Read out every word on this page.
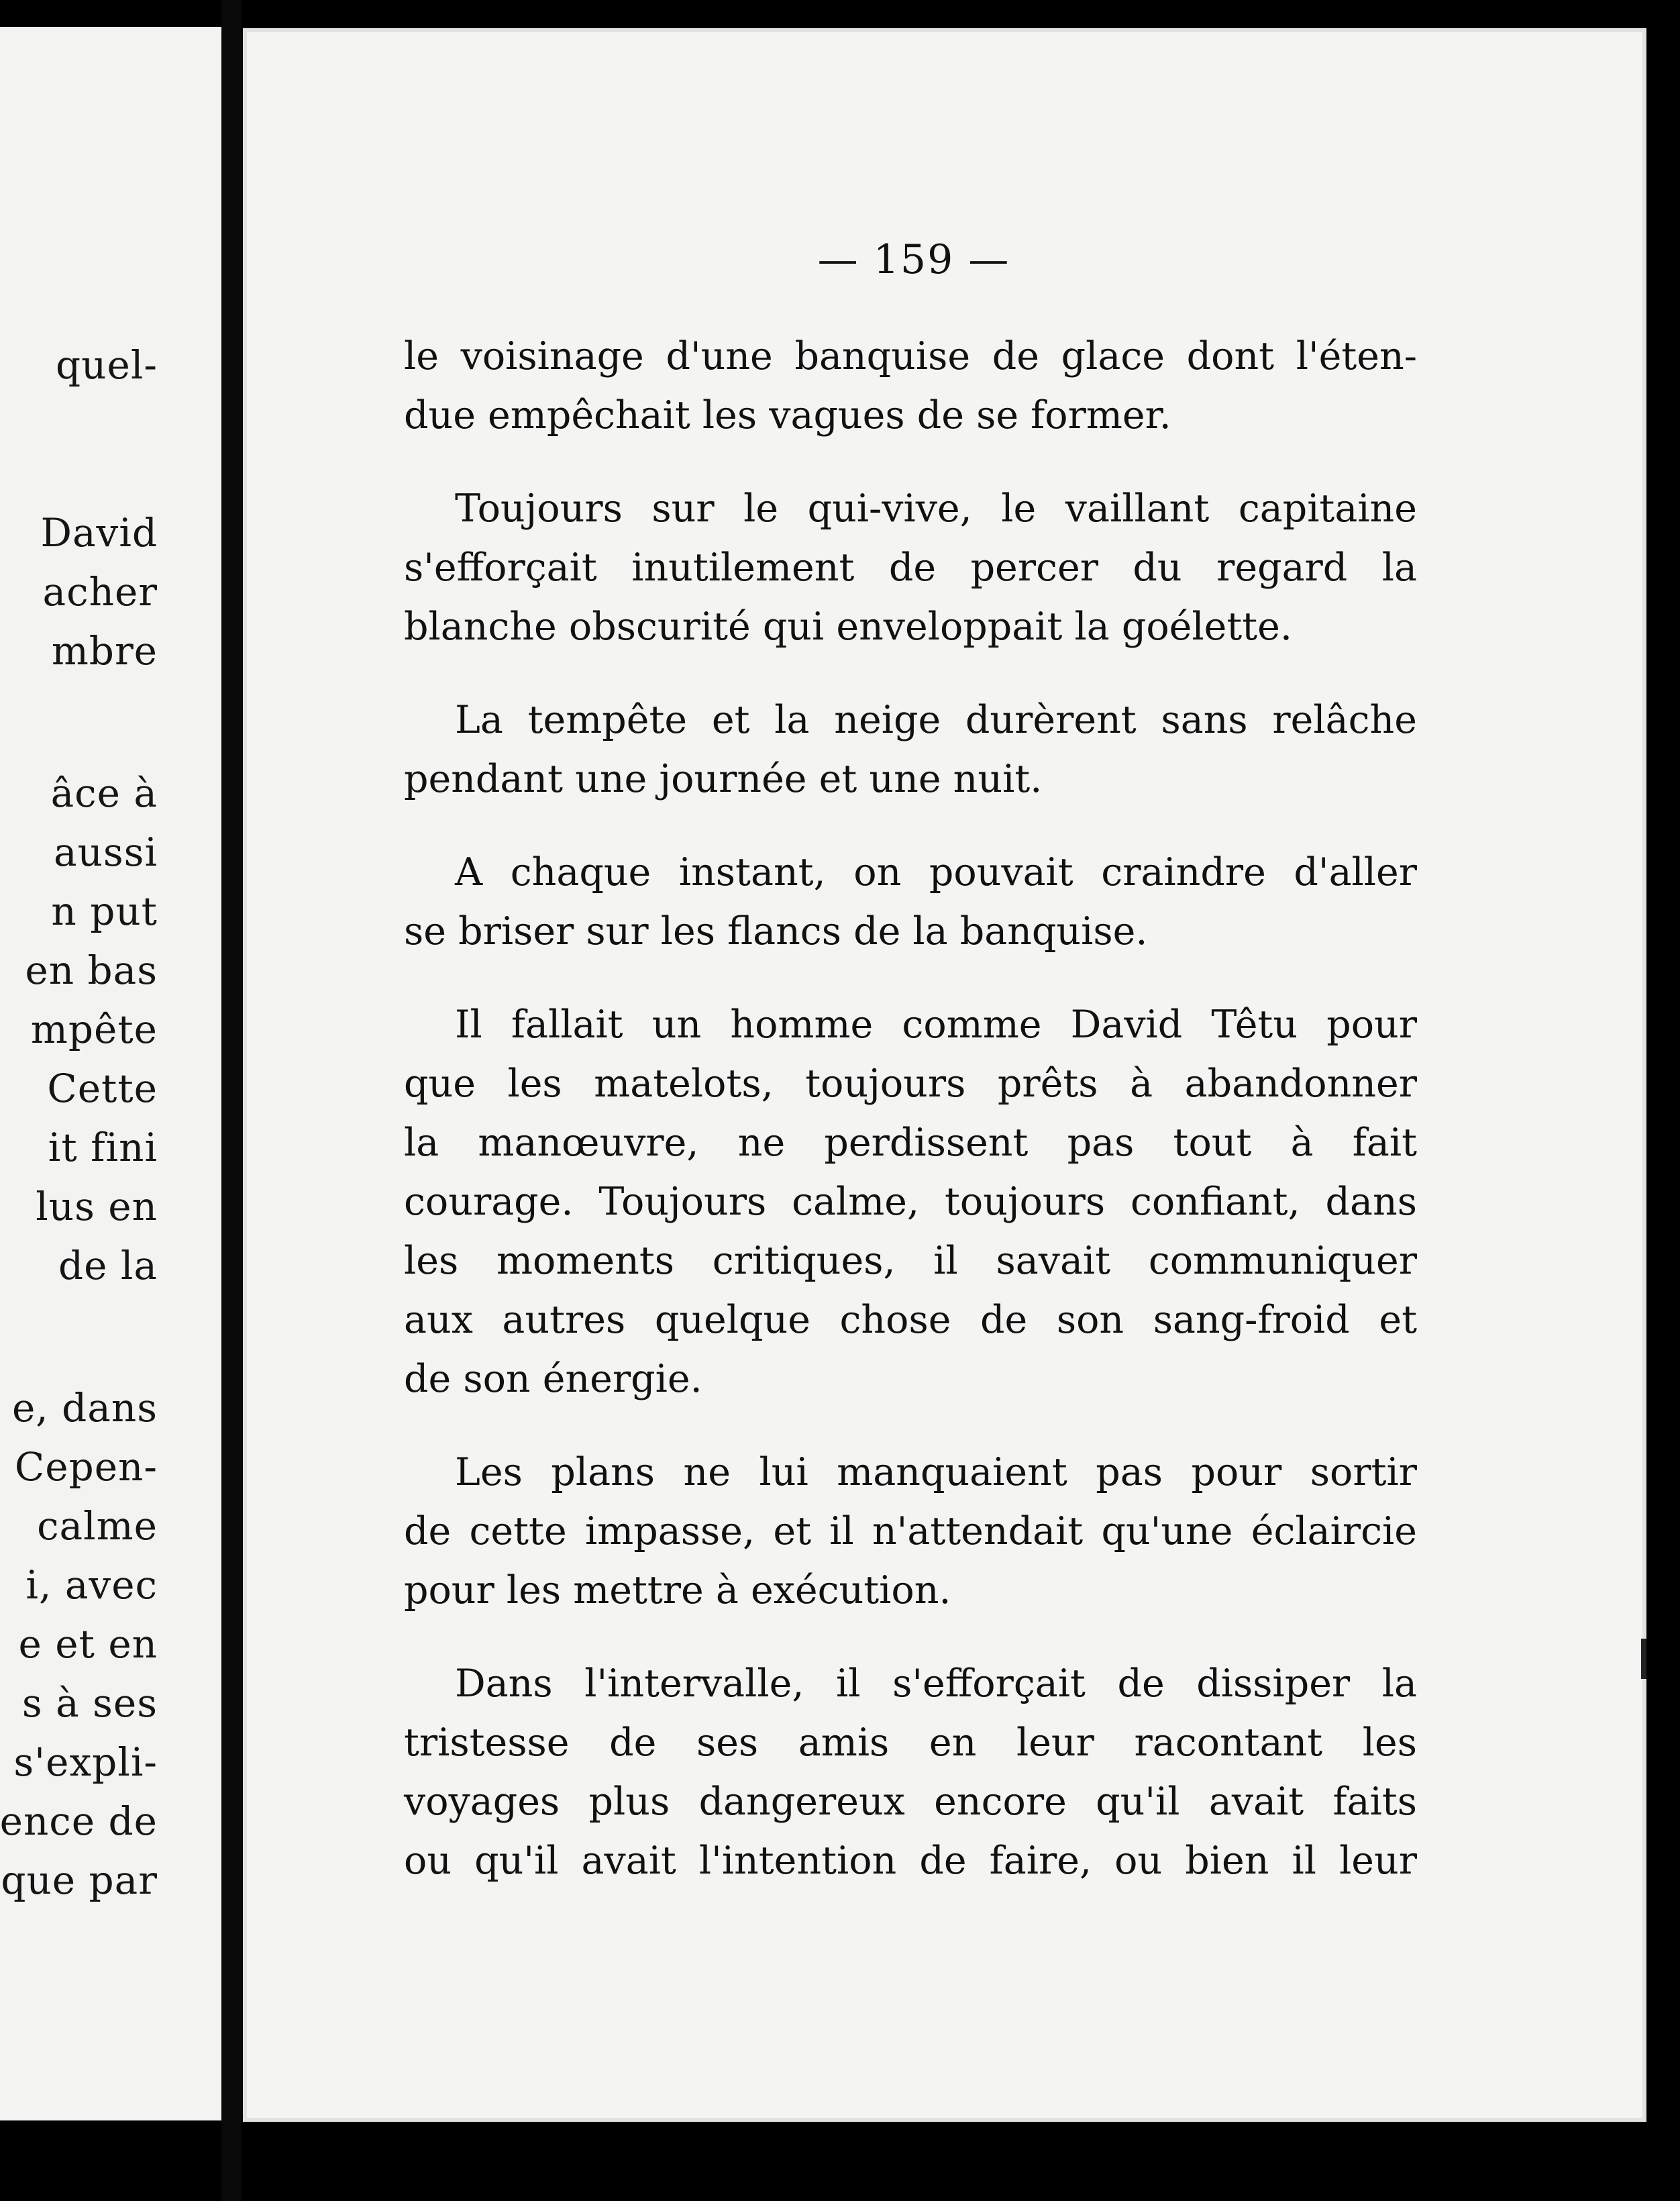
quel-
David
acher
mbre
âce à
aussi
n put
en bas
mpête
Cette
it fini
lus en
de la
e, dans
Cepen-
calme
i, avec
e et en
s à ses
s'expli-
ence de
que par
— 159 —

le voisinage d'une banquise de glace dont l'éten-
due empêchait les vagues de se former.

Toujours sur le qui-vive, le vaillant capitaine
s'efforçait inutilement de percer du regard la
blanche obscurité qui enveloppait la goélette.

La tempête et la neige durèrent sans relâche
pendant une journée et une nuit.

A chaque instant, on pouvait craindre d'aller
se briser sur les flancs de la banquise.

Il fallait un homme comme David Têtu pour
que les matelots, toujours prêts à abandonner
la manœuvre, ne perdissent pas tout à fait
courage. Toujours calme, toujours confiant, dans
les moments critiques, il savait communiquer
aux autres quelque chose de son sang-froid et
de son énergie.

Les plans ne lui manquaient pas pour sortir
de cette impasse, et il n'attendait qu'une éclaircie
pour les mettre à exécution.

Dans l'intervalle, il s'efforçait de dissiper la
tristesse de ses amis en leur racontant les
voyages plus dangereux encore qu'il avait faits
ou qu'il avait l'intention de faire, ou bien il leur
